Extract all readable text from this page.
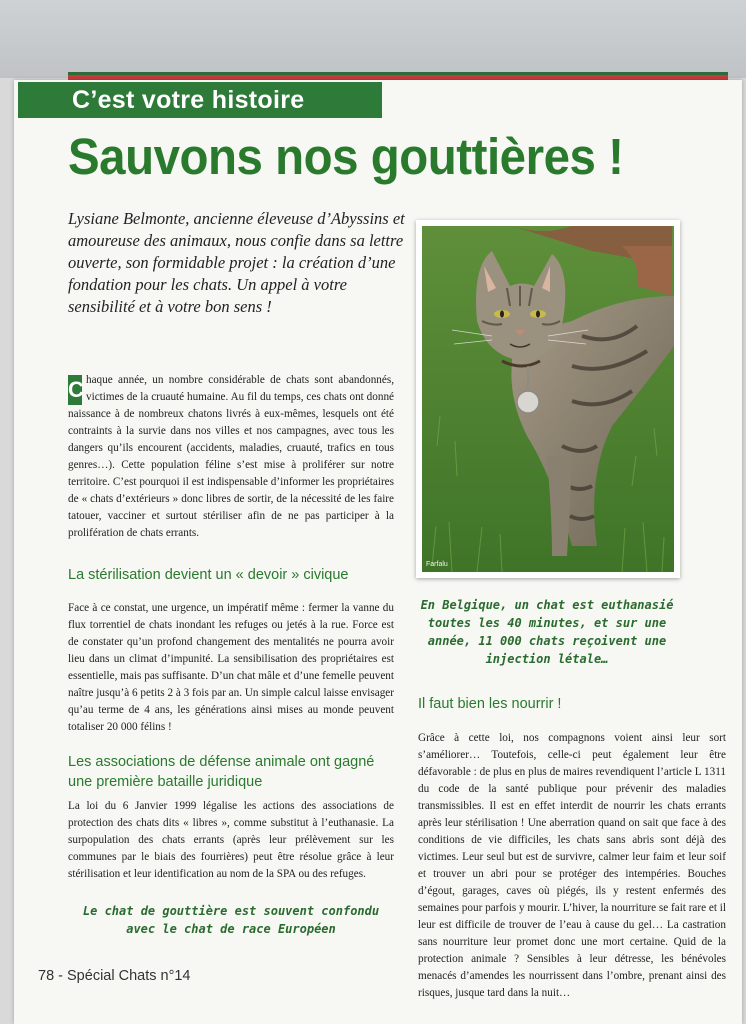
C’est votre histoire
Sauvons nos gouttières !
Lysiane Belmonte, ancienne éleveuse d’Abyssins et amoureuse des animaux, nous confie dans sa lettre ouverte, son formidable projet : la création d’une fondation pour les chats. Un appel à votre sensibilité et à votre bon sens !
C haque année, un nombre considérable de chats sont abandonnés, victimes de la cruauté humaine. Au fil du temps, ces chats ont donné naissance à de nombreux chatons livrés à eux-mêmes, lesquels ont été contraints à la survie dans nos villes et nos campagnes, avec tous les dangers qu’ils encourent (accidents, maladies, cruauté, trafics en tous genres…). Cette population féline s’est mise à proliférer sur notre territoire. C’est pourquoi il est indispensable d’informer les propriétaires de « chats d’extérieurs » donc libres de sortir, de la nécessité de les faire tatouer, vacciner et surtout stériliser afin de ne pas participer à la prolifération de chats errants.
La stérilisation devient un « devoir » civique
Face à ce constat, une urgence, un impératif même : fermer la vanne du flux torrentiel de chats inondant les refuges ou jetés à la rue. Force est de constater qu’un profond changement des mentalités ne pourra avoir lieu dans un climat d’impunité. La sensibilisation des propriétaires est essentielle, mais pas suffisante. D’un chat mâle et d’une femelle peuvent naître jusqu’à 6 petits 2 à 3 fois par an. Un simple calcul laisse envisager qu’au terme de 4 ans, les générations ainsi mises au monde peuvent totaliser 20 000 félins !
Les associations de défense animale ont gagné une première bataille juridique
La loi du 6 Janvier 1999 légalise les actions des associations de protection des chats dits « libres », comme substitut à l’euthanasie. La surpopulation des chats errants (après leur prélèvement sur les communes par le biais des fourrières) peut être résolue grâce à leur stérilisation et leur identification au nom de la SPA ou des refuges.
Le chat de gouttière est souvent confondu avec le chat de race Européen
Farfalu
En Belgique, un chat est euthanasié toutes les 40 minutes, et sur une année, 11 000 chats reçoivent une injection létale…
Il faut bien les nourrir !
Grâce à cette loi, nos compagnons voient ainsi leur sort s’améliorer… Toutefois, celle-ci peut également leur être défavorable : de plus en plus de maires revendiquent l’article L 1311 du code de la santé publique pour prévenir des maladies transmissibles. Il est en effet interdit de nourrir les chats errants après leur stérilisation ! Une aberration quand on sait que face à des conditions de vie difficiles, les chats sans abris sont déjà des victimes. Leur seul but est de survivre, calmer leur faim et leur soif et trouver un abri pour se protéger des intempéries. Bouches d’égout, garages, caves où piégés, ils y restent enfermés des semaines pour parfois y mourir. L’hiver, la nourriture se fait rare et il leur est difficile de trouver de l’eau à cause du gel… La castration sans nourriture leur promet donc une mort certaine. Quid de la protection animale ? Sensibles à leur détresse, les bénévoles menacés d’amendes les nourrissent dans l’ombre, prenant ainsi des risques, jusque tard dans la nuit…
78 - Spécial Chats n°14
